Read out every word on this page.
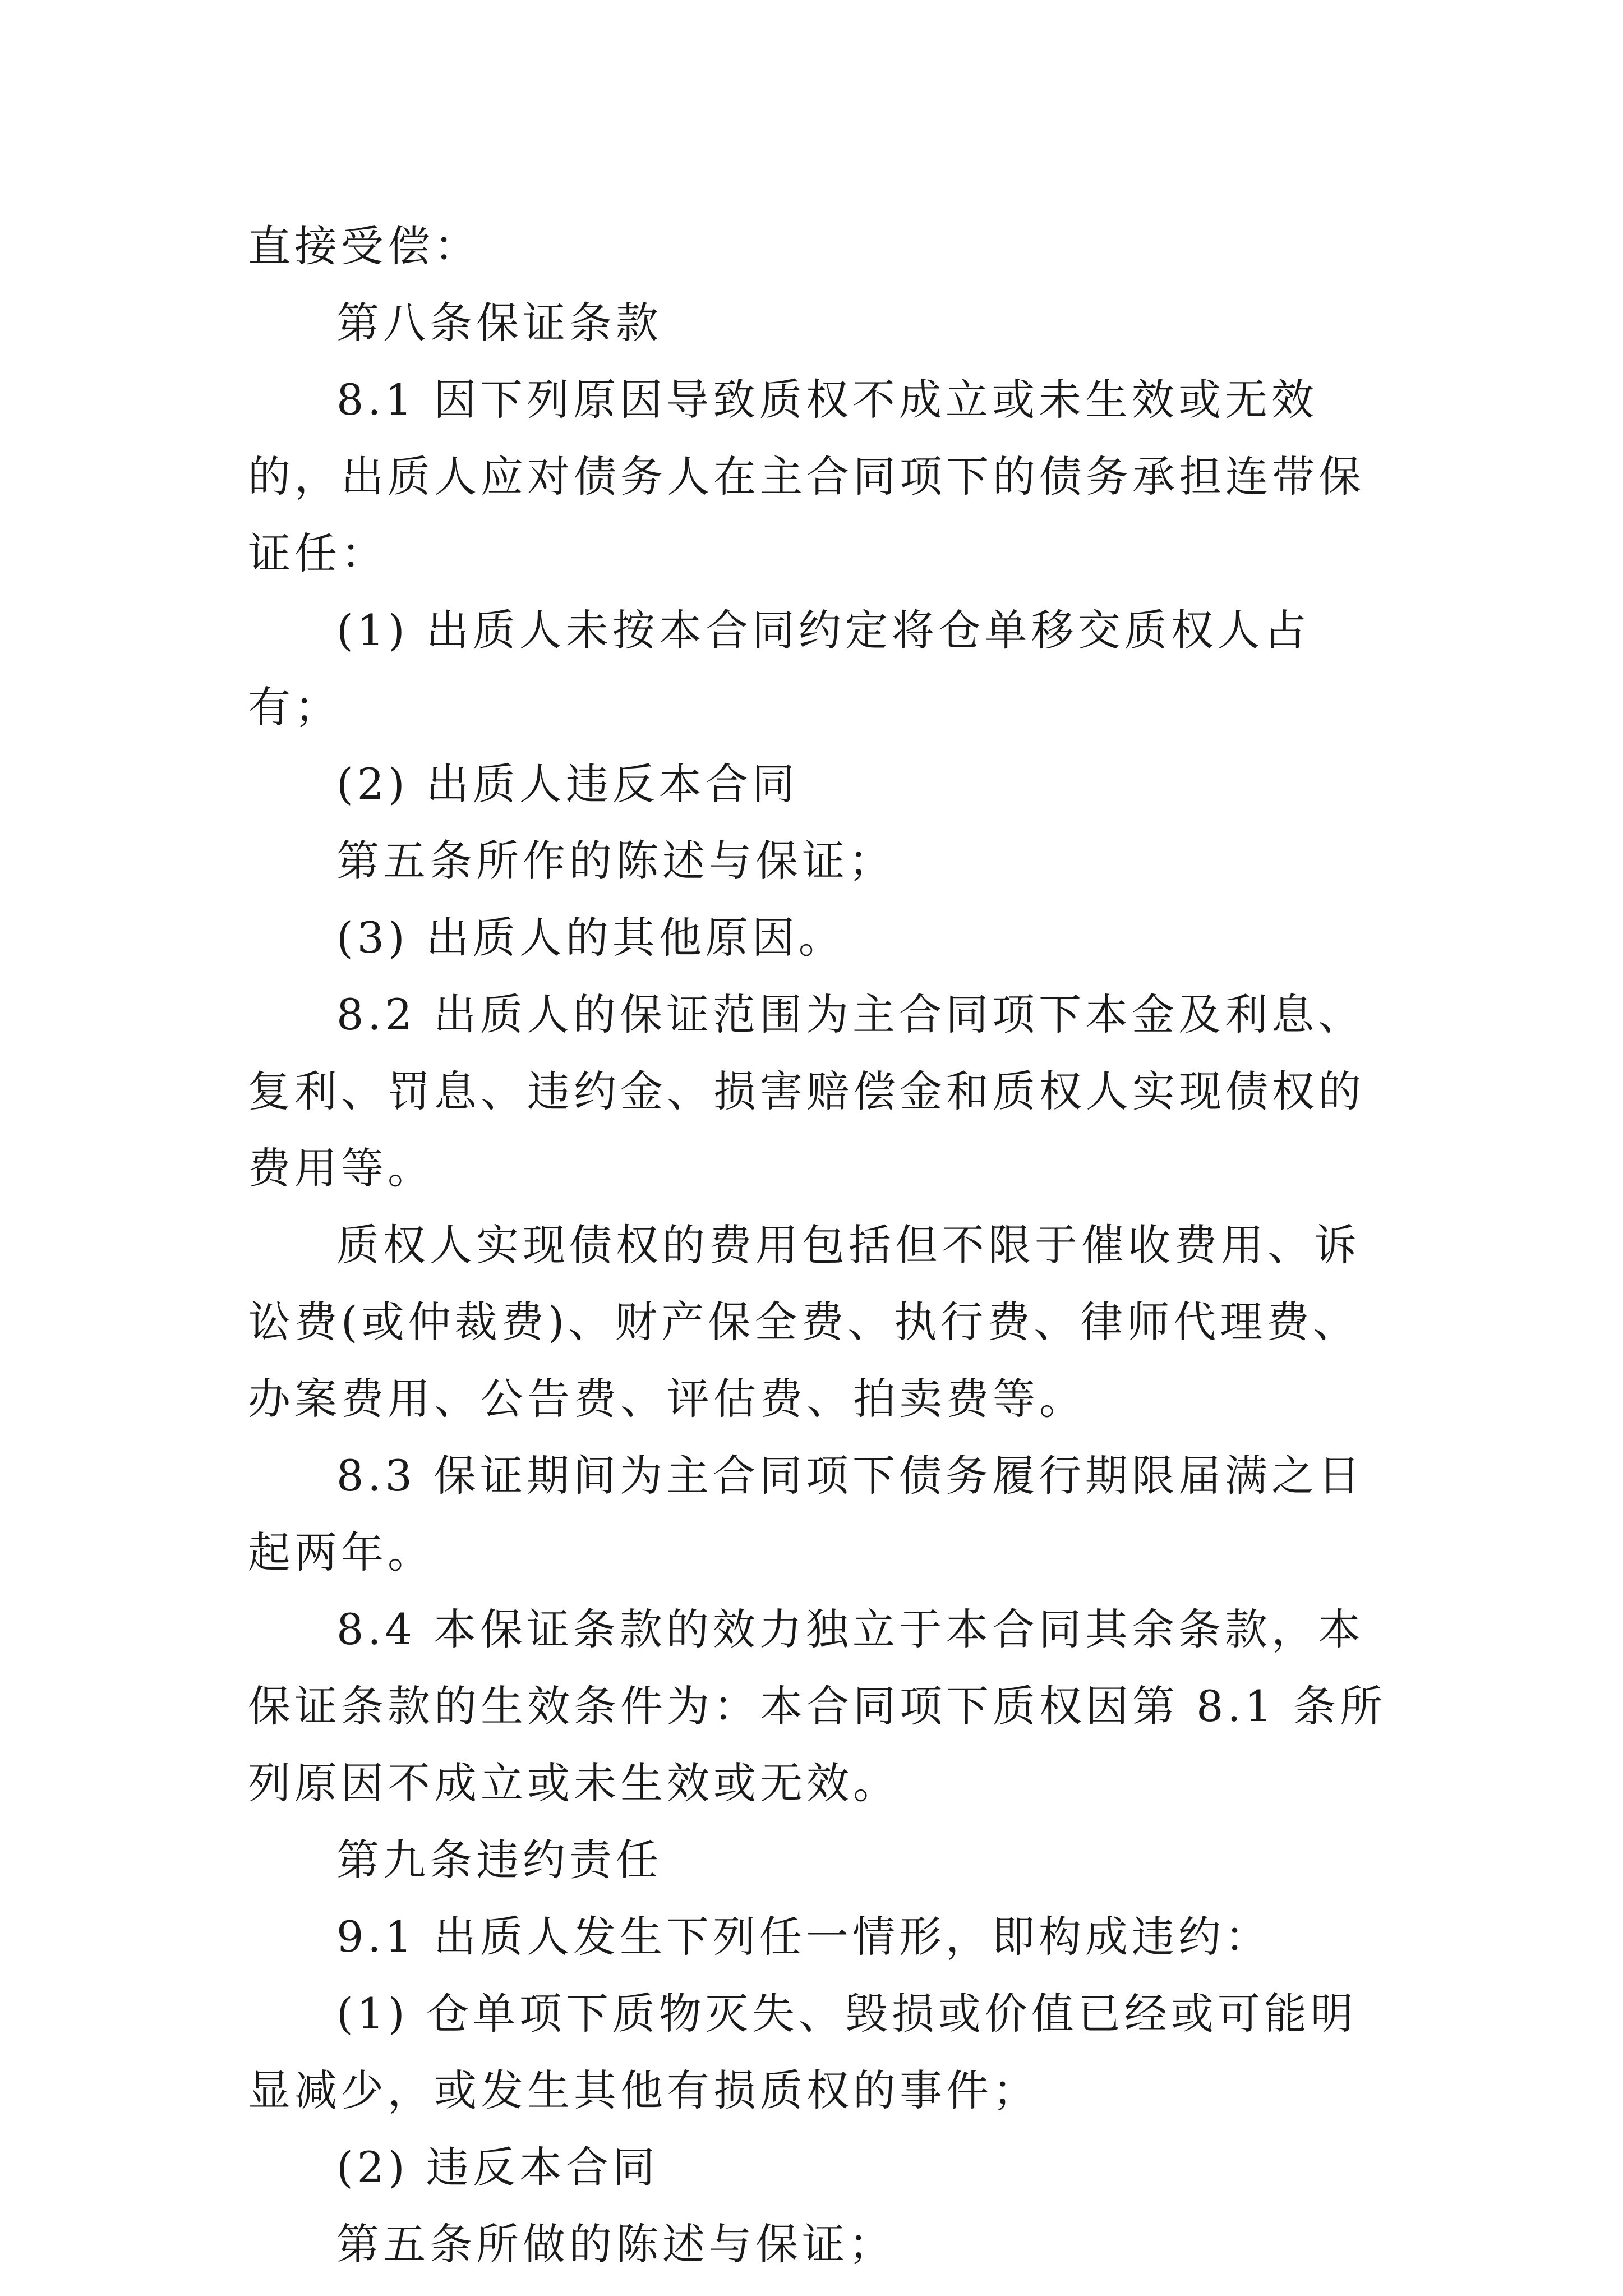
直接受偿：

第八条保证条款

8.1 因下列原因导致质权不成立或未生效或无效的，出质人应对债务人在主合同项下的债务承担连带保证任：

(1) 出质人未按本合同约定将仓单移交质权人占有；

(2) 出质人违反本合同

第五条所作的陈述与保证；

(3) 出质人的其他原因。

8.2 出质人的保证范围为主合同项下本金及利息、复利、罚息、违约金、损害赔偿金和质权人实现债权的费用等。

质权人实现债权的费用包括但不限于催收费用、诉讼费(或仲裁费)、财产保全费、执行费、律师代理费、办案费用、公告费、评估费、拍卖费等。

8.3 保证期间为主合同项下债务履行期限届满之日起两年。

8.4 本保证条款的效力独立于本合同其余条款，本保证条款的生效条件为：本合同项下质权因第 8.1 条所列原因不成立或未生效或无效。

第九条违约责任

9.1 出质人发生下列任一情形，即构成违约：

(1) 仓单项下质物灭失、毁损或价值已经或可能明显减少，或发生其他有损质权的事件；

(2) 违反本合同

第五条所做的陈述与保证；
